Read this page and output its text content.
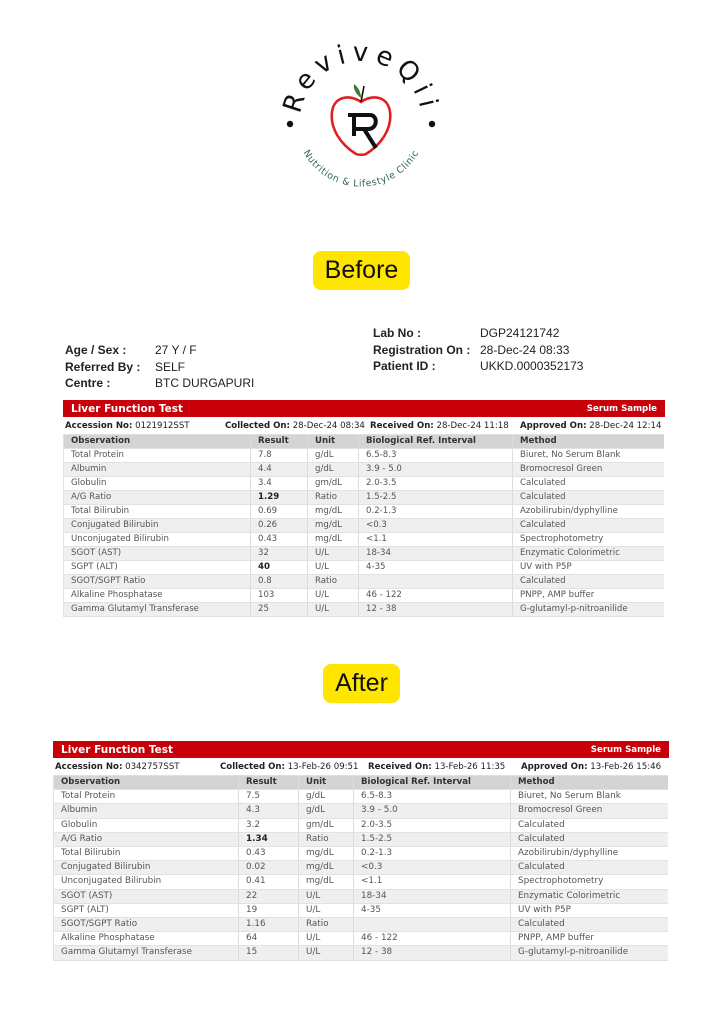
ReviveQii
Nutrition & Lifestyle Clinic
Before
Age / Sex :	27 Y / F
Referred By :	SELF
Centre :	BTC DURGAPURI
Lab No :	DGP24121742
Registration On : 28-Dec-24 08:33
Patient ID :	UKKD.0000352173
Liver Function Test	Serum Sample
Accession No: 0121912SST	Collected On: 28-Dec-24 08:34 Received On: 28-Dec-24 11:18	Approved On: 28-Dec-24 12:14
Observation	Result	Unit	Biological Ref. Interval	Method
Total Protein	7.8	g/dL	6.5-8.3	Biuret, No Serum Blank
Albumin	4.4	g/dL	3.9 - 5.0	Bromocresol Green
Globulin	3.4	gm/dL	2.0-3.5	Calculated
A/G Ratio	1.29	Ratio	1.5-2.5	Calculated
Total Bilirubin	0.69	mg/dL	0.2-1.3	Azobilirubin/dyphylline
Conjugated Bilirubin	0.26	mg/dL	<0.3	Calculated
Unconjugated Bilirubin	0.43	mg/dL	<1.1	Spectrophotometry
SGOT (AST)	32	U/L	18-34	Enzymatic Colorimetric
SGPT (ALT)	40	U/L	4-35	UV with P5P
SGOT/SGPT Ratio	0.8	Ratio		Calculated
Alkaline Phosphatase	103	U/L	46 - 122	PNPP, AMP buffer
Gamma Glutamyl Transferase	25	U/L	12 - 38	G-glutamyl-p-nitroanilide
After
Liver Function Test	Serum Sample
Accession No: 0342757SST	Collected On: 13-Feb-26 09:51	Received On: 13-Feb-26 11:35	Approved On: 13-Feb-26 15:46
Observation	Result	Unit	Biological Ref. Interval	Method
Total Protein	7.5	g/dL	6.5-8.3	Biuret, No Serum Blank
Albumin	4.3	g/dL	3.9 - 5.0	Bromocresol Green
Globulin	3.2	gm/dL	2.0-3.5	Calculated
A/G Ratio	1.34	Ratio	1.5-2.5	Calculated
Total Bilirubin	0.43	mg/dL	0.2-1.3	Azobilirubin/dyphylline
Conjugated Bilirubin	0.02	mg/dL	<0.3	Calculated
Unconjugated Bilirubin	0.41	mg/dL	<1.1	Spectrophotometry
SGOT (AST)	22	U/L	18-34	Enzymatic Colorimetric
SGPT (ALT)	19	U/L	4-35	UV with P5P
SGOT/SGPT Ratio	1.16	Ratio		Calculated
Alkaline Phosphatase	64	U/L	46 - 122	PNPP, AMP buffer
Gamma Glutamyl Transferase	15	U/L	12 - 38	G-glutamyl-p-nitroanilide
